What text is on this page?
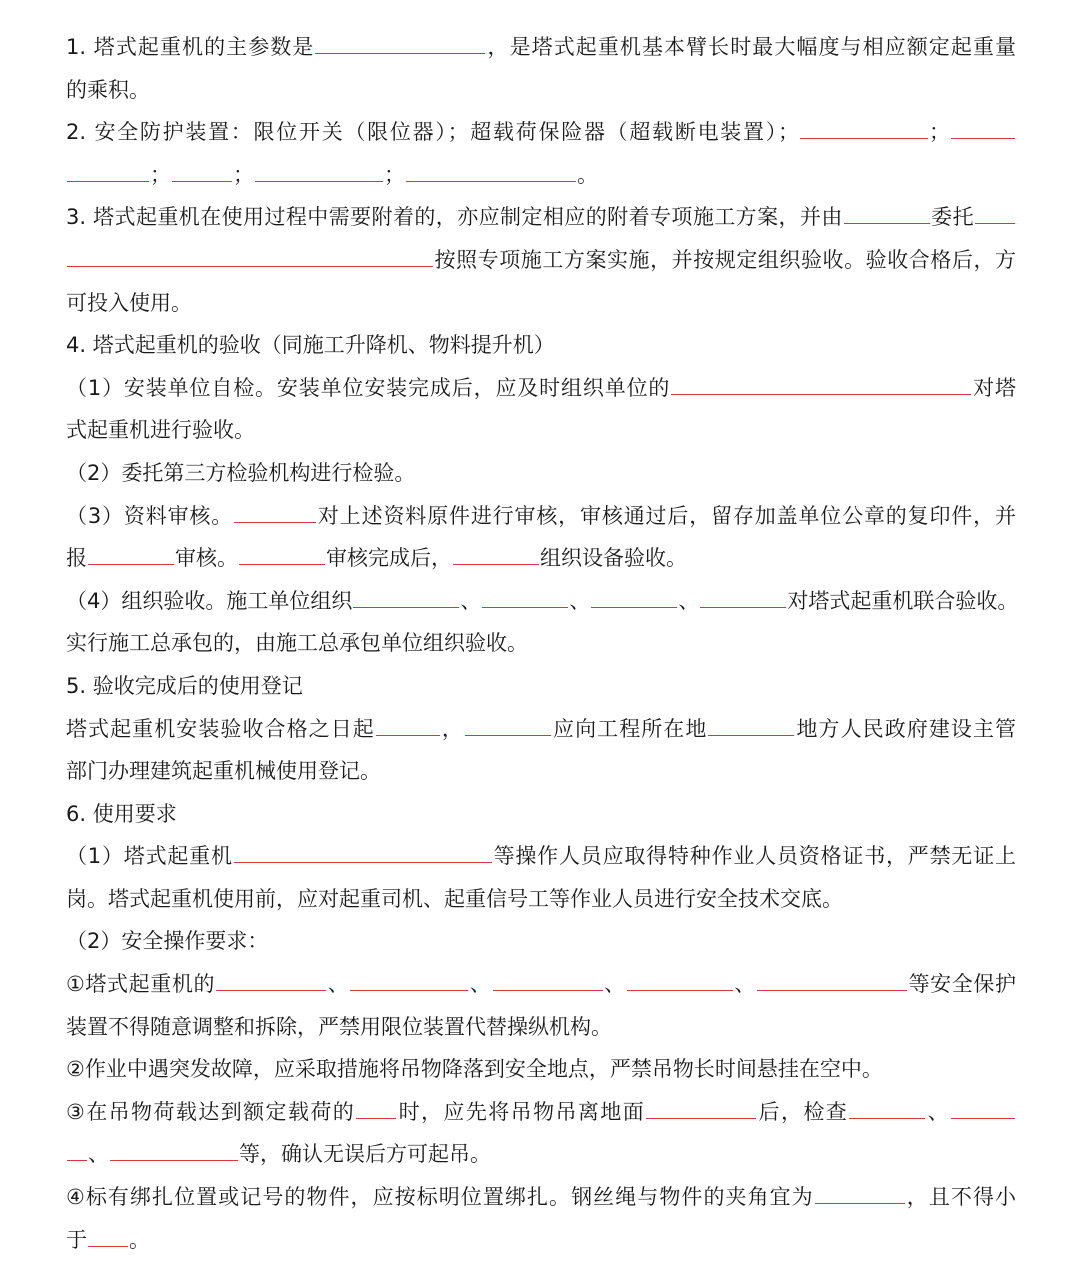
1. 塔式起重机的主参数是	，是塔式起重机基本臂长时最大幅度与相应额定起重量
的乘积。
2. 安全防护装置：限位开关（限位器）；超载荷保险器（超载断电装置）；	；
；	；	；	。
3. 塔式起重机在使用过程中需要附着的，亦应制定相应的附着专项施工方案，并由	委托
按照专项施工方案实施，并按规定组织验收。验收合格后，方
可投入使用。
4. 塔式起重机的验收（同施工升降机、物料提升机）
（1）安装单位自检。安装单位安装完成后，应及时组织单位的	对塔
式起重机进行验收。
（2）委托第三方检验机构进行检验。
（3）资料审核。	对上述资料原件进行审核，审核通过后，留存加盖单位公章的复印件，并
报	审核。	审核完成后，	组织设备验收。
（4）组织验收。施工单位组织	、	、	、	对塔式起重机联合验收。
实行施工总承包的，由施工总承包单位组织验收。
5. 验收完成后的使用登记
塔式起重机安装验收合格之日起	，	应向工程所在地	地方人民政府建设主管
部门办理建筑起重机械使用登记。
6. 使用要求
（1）塔式起重机	等操作人员应取得特种作业人员资格证书，严禁无证上
岗。塔式起重机使用前，应对起重司机、起重信号工等作业人员进行安全技术交底。
（2）安全操作要求：
①塔式起重机的	、	、	、	、	等安全保护
装置不得随意调整和拆除，严禁用限位装置代替操纵机构。
②作业中遇突发故障，应采取措施将吊物降落到安全地点，严禁吊物长时间悬挂在空中。
③在吊物荷载达到额定载荷的 时，应先将吊物吊离地面	后，检查	、
、	等，确认无误后方可起吊。
④标有绑扎位置或记号的物件，应按标明位置绑扎。钢丝绳与物件的夹角宜为	，且不得小
于 。
